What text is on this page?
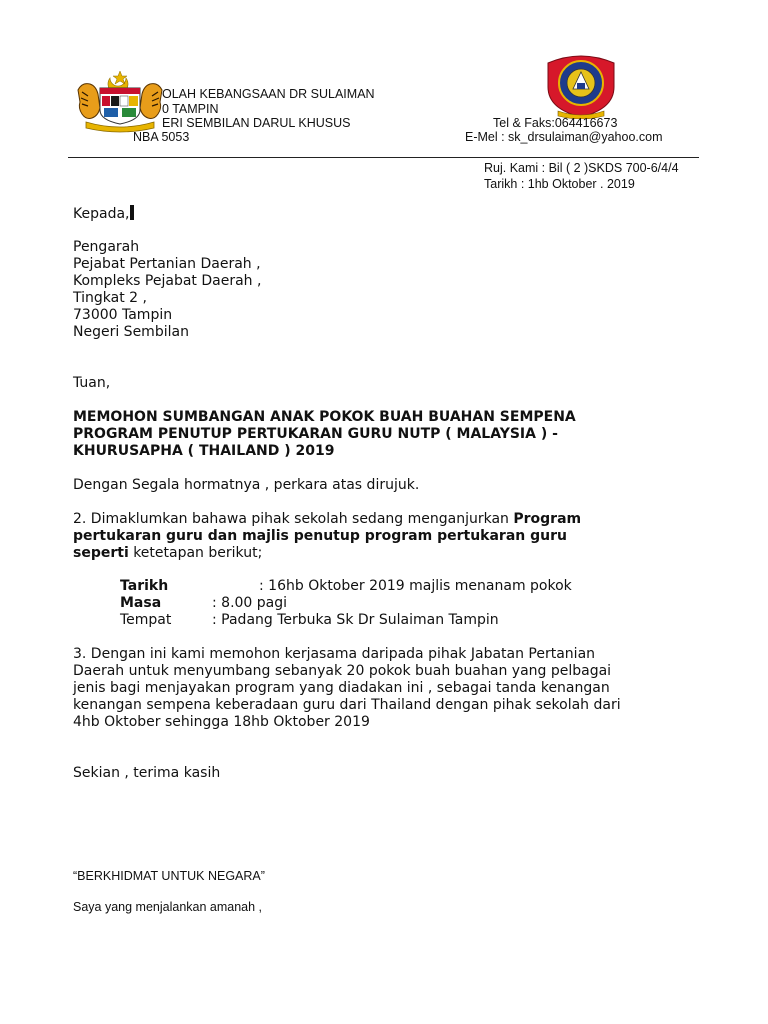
OLAH KEBANGSAAN DR SULAIMAN
0 TAMPIN
ERI SEMBILAN DARUL KHUSUS
NBA 5053
Tel & Faks:064416673
E-Mel : sk_drsulaiman@yahoo.com
Ruj. Kami : Bil ( 2 )SKDS 700-6/4/4
Tarikh : 1hb Oktober . 2019
Kepada,
Pengarah
Pejabat Pertanian Daerah ,
Kompleks Pejabat Daerah ,
Tingkat 2 ,
73000 Tampin
Negeri Sembilan
Tuan,
MEMOHON SUMBANGAN ANAK POKOK BUAH BUAHAN SEMPENA
PROGRAM PENUTUP PERTUKARAN GURU NUTP ( MALAYSIA ) -
KHURUSAPHA ( THAILAND ) 2019
Dengan Segala hormatnya , perkara atas dirujuk.
2. Dimaklumkan bahawa pihak sekolah sedang menganjurkan Program
pertukaran guru dan majlis penutup program pertukaran guru
seperti ketetapan berikut;
Tarikh	: 16hb Oktober 2019 majlis menanam pokok
Masa	: 8.00 pagi
Tempat	: Padang Terbuka Sk Dr Sulaiman Tampin
3. Dengan ini kami memohon kerjasama daripada pihak Jabatan Pertanian
Daerah untuk menyumbang sebanyak 20 pokok buah buahan yang pelbagai
jenis bagi menjayakan program yang diadakan ini , sebagai tanda kenangan
kenangan sempena keberadaan guru dari Thailand dengan pihak sekolah dari
4hb Oktober sehingga 18hb Oktober 2019
Sekian , terima kasih
“BERKHIDMAT UNTUK NEGARA”
Saya yang menjalankan amanah ,
